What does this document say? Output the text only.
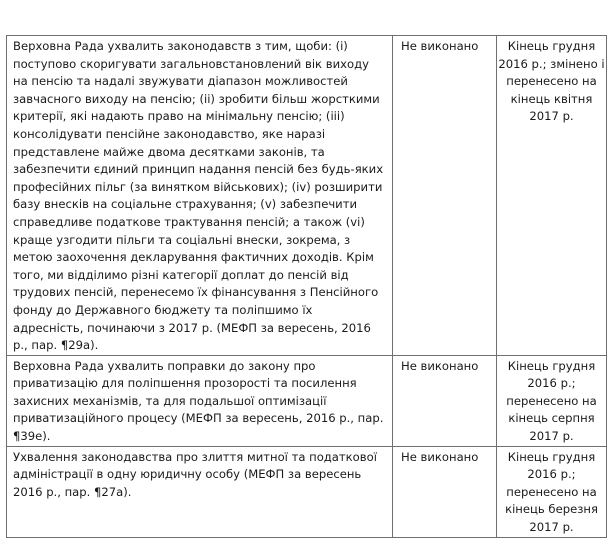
Верховна Рада ухвалить законодавств з тим, щоби: (і) поступово скоригувати загальновстановлений вік виходу на пенсію та надалі звужувати діапазон можливостей завчасного виходу на пенсію; (іі) зробити більш жорсткими критерії, які надають право на мінімальну пенсію; (ііі) консолідувати пенсійне законодавство, яке наразі представлене майже двома десятками законів, та забезпечити єдиний принцип надання пенсій без будь-яких професійних пільг (за винятком військових); (iv) розширити базу внесків на соціальне страхування; (v) забезпечити справедливе податкове трактування пенсій; а також (vi) краще узгодити пільги та соціальні внески, зокрема, з метою заохочення декларування фактичних доходів. Крім того, ми відділимо різні категорії доплат до пенсій від трудових пенсій, перенесемо їх фінансування з Пенсійного фонду до Державного бюджету та поліпшимо їх адресність, починаючи з 2017 р. (МЕФП за вересень, 2016 р., пар. ¶29а).	Не виконано	Кінець грудня 2016 р.; змінено і перенесено на кінець квітня 2017 р.

Верховна Рада ухвалить поправки до закону про приватизацію для поліпшення прозорості та посилення захисних механізмів, та для подальшої оптимізації приватизаційного процесу (МЕФП за вересень, 2016 р., пар. ¶39е).	Не виконано	Кінець грудня 2016 р.; перенесено на кінець серпня 2017 р.

Ухвалення законодавства про злиття митної та податкової адміністрації в одну юридичну особу (МЕФП за вересень 2016 р., пар. ¶27а).	Не виконано	Кінець грудня 2016 р.; перенесено на кінець березня 2017 р.
